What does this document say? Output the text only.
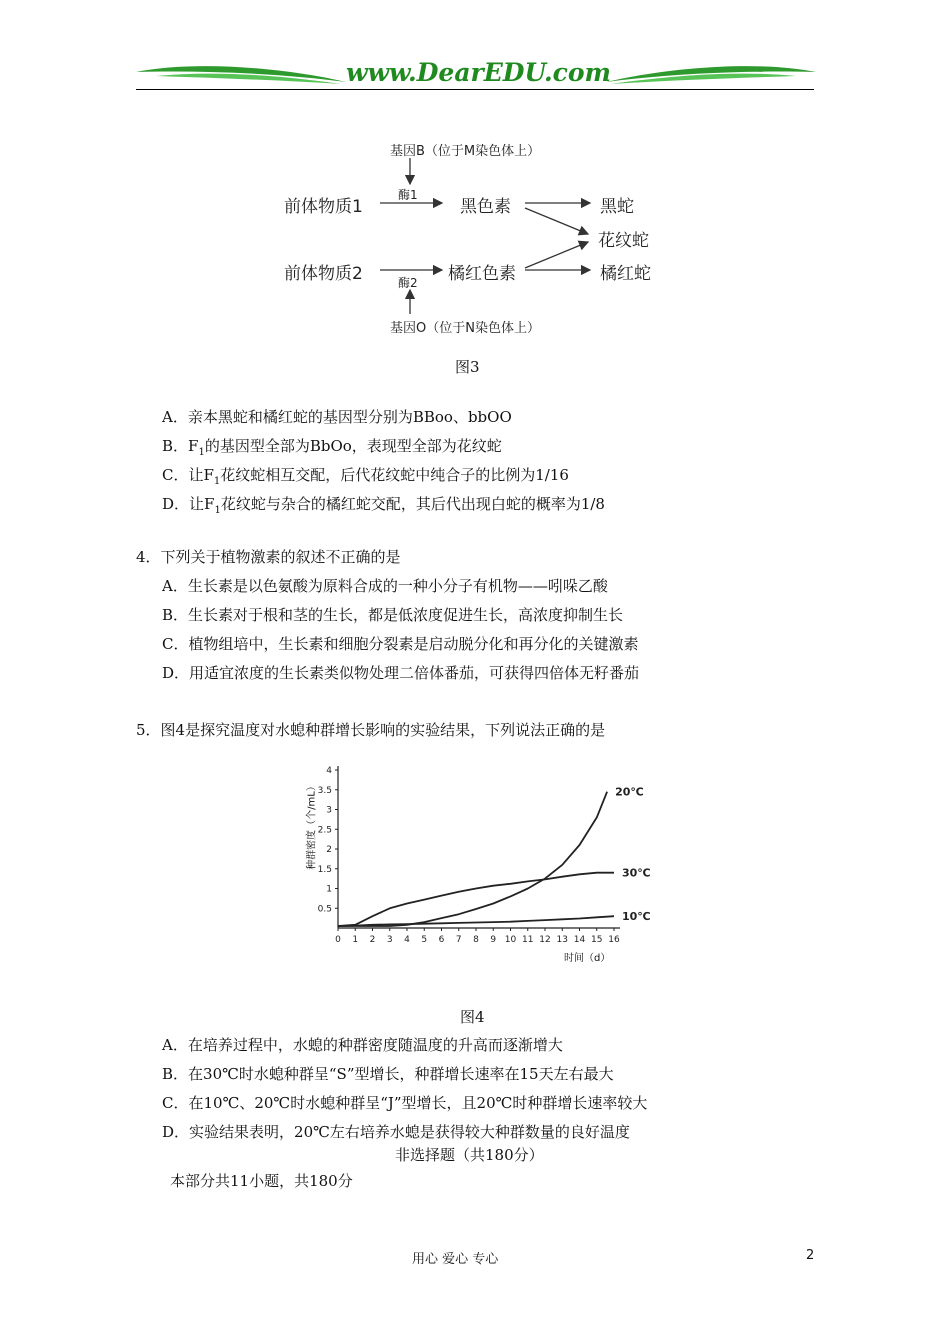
www.DearEDU.com
基因B（位于M染色体上）
酶1
前体物质1	黑色素	黑蛇
花纹蛇
前体物质2	橘红色素	橘红蛇
酶2
基因O（位于N染色体上）
图3
A．亲本黑蛇和橘红蛇的基因型分别为BBoo、bbOO
B．$F_1$的基因型全部为BbOo，表现型全部为花纹蛇
C．让$F_1$花纹蛇相互交配，后代花纹蛇中纯合子的比例为1/16
D．让$F_1$花纹蛇与杂合的橘红蛇交配，其后代出现白蛇的概率为1/8
4．下列关于植物激素的叙述不正确的是
A．生长素是以色氨酸为原料合成的一种小分子有机物——吲哚乙酸
B．生长素对于根和茎的生长，都是低浓度促进生长，高浓度抑制生长
C．植物组培中，生长素和细胞分裂素是启动脱分化和再分化的关键激素
D．用适宜浓度的生长素类似物处理二倍体番茄，可获得四倍体无籽番茄
5．图4是探究温度对水螅种群增长影响的实验结果，下列说法正确的是
0 1 2 3 4 5 6 7 8 9 10 11 12 13 14 15 16
0.5
1
1.5
2
2.5
3
3.5
4
20℃
30℃
10℃
种群密度（个/mL）
时间（d）
图4
A．在培养过程中，水螅的种群密度随温度的升高而逐渐增大
B．在30℃时水螅种群呈“S”型增长，种群增长速率在15天左右最大
C．在10℃、20℃时水螅种群呈“J”型增长，且20℃时种群增长速率较大
D．实验结果表明，20℃左右培养水螅是获得较大种群数量的良好温度
非选择题（共180分）
本部分共11小题，共180分
用心 爱心 专心	2
